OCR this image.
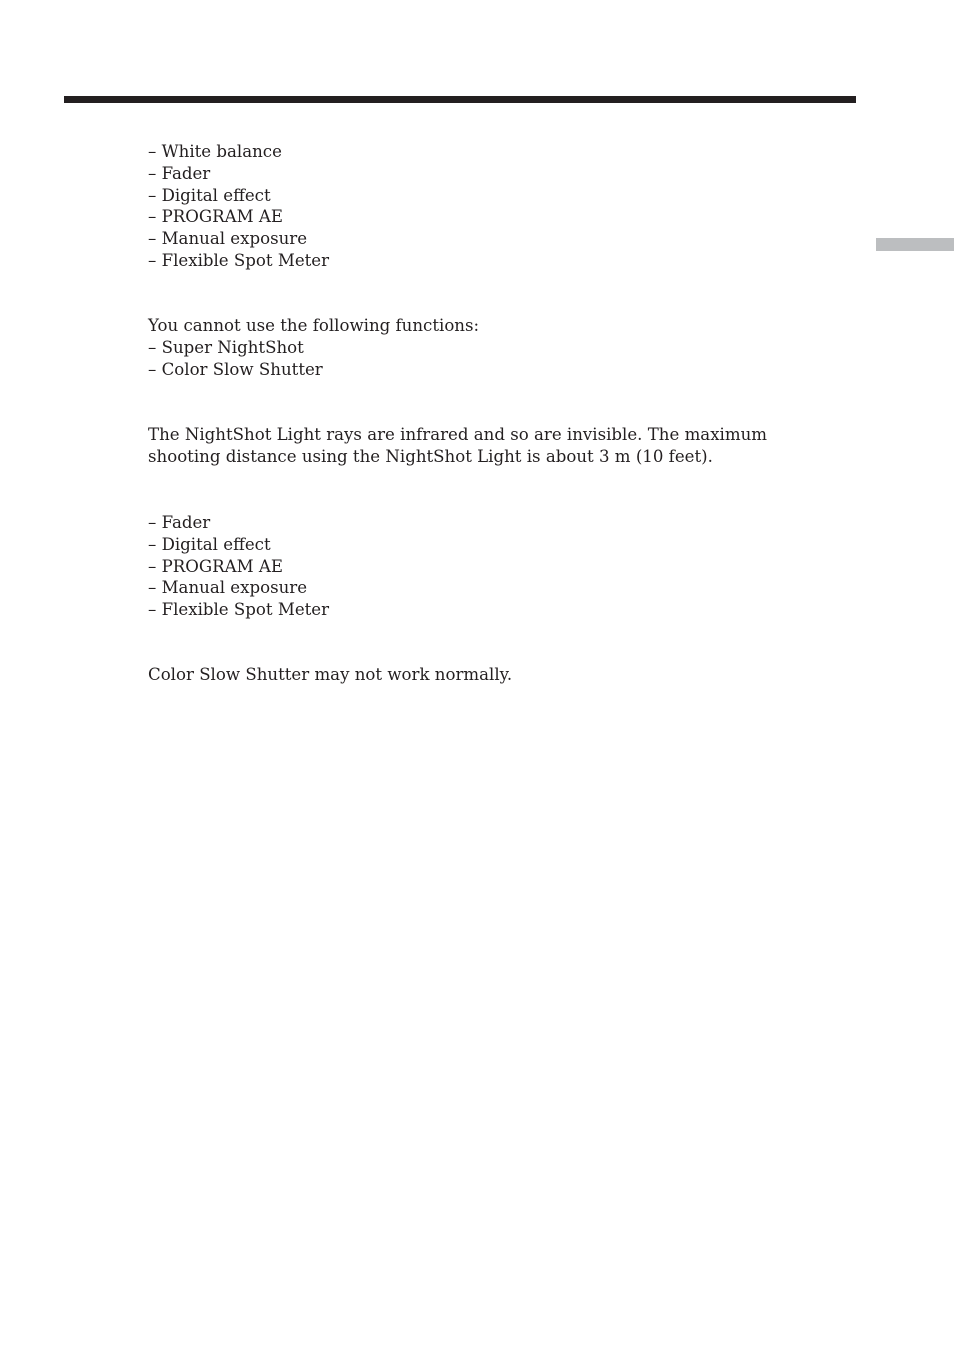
– White balance
– Fader
– Digital effect
– PROGRAM AE
– Manual exposure
– Flexible Spot Meter
You cannot use the following functions:
– Super NightShot
– Color Slow Shutter
The NightShot Light rays are infrared and so are invisible. The maximum shooting distance using the NightShot Light is about 3 m (10 feet).
– Fader
– Digital effect
– PROGRAM AE
– Manual exposure
– Flexible Spot Meter
Color Slow Shutter may not work normally.
